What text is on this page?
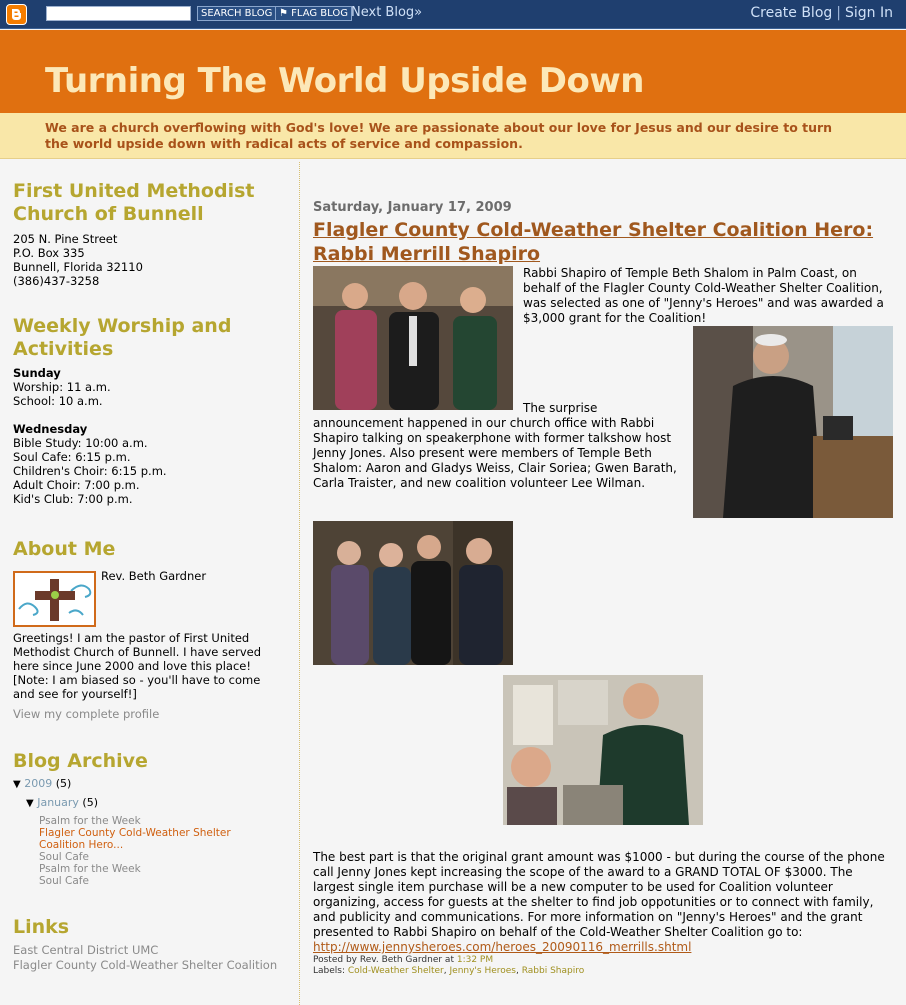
SEARCH BLOG ⚑ FLAG BLOG Next Blog»	Create Blog | Sign In
Turning The World Upside Down

We are a church overflowing with God's love! We are passionate about our love for Jesus and our desire to turn the world upside down with radical acts of service and compassion.

First United Methodist Church of Bunnell
205 N. Pine Street
P.O. Box 335
Bunnell, Florida 32110
(386)437-3258
Weekly Worship and Activities
Sunday
Worship: 11 a.m.
School: 10 a.m.
Wednesday
Bible Study: 10:00 a.m.
Soul Cafe: 6:15 p.m.
Children's Choir: 6:15 p.m.
Adult Choir: 7:00 p.m.
Kid's Club: 7:00 p.m.
About Me
Rev. Beth Gardner
Greetings! I am the pastor of First United Methodist Church of Bunnell. I have served here since June 2000 and love this place! [Note: I am biased so - you'll have to come and see for yourself!]
View my complete profile
Blog Archive
▼ 2009 (5)
▼ January (5)
Psalm for the Week
Flagler County Cold-Weather Shelter Coalition Hero...
Soul Cafe
Psalm for the Week
Soul Cafe
Links
East Central District UMC
Flagler County Cold-Weather Shelter Coalition
Saturday, January 17, 2009
Flagler County Cold-Weather Shelter Coalition Hero: Rabbi Merrill Shapiro
Rabbi Shapiro of Temple Beth Shalom in Palm Coast, on behalf of the Flagler County Cold-Weather Shelter Coalition, was selected as one of "Jenny's Heroes" and was awarded a $3,000 grant for the Coalition!
The surprise announcement happened in our church office with Rabbi Shapiro talking on speakerphone with former talkshow host Jenny Jones. Also present were members of Temple Beth Shalom: Aaron and Gladys Weiss, Clair Soriea; Gwen Barath, Carla Traister, and new coalition volunteer Lee Wilman.
The best part is that the original grant amount was $1000 - but during the course of the phone call Jenny Jones kept increasing the scope of the award to a GRAND TOTAL OF $3000. The largest single item purchase will be a new computer to be used for Coalition volunteer organizing, access for guests at the shelter to find job oppotunities or to connect with family, and publicity and communications. For more information on "Jenny's Heroes" and the grant presented to Rabbi Shapiro on behalf of the Cold-Weather Shelter Coalition go to:
http://www.jennysheroes.com/heroes_20090116_merrills.shtml
Posted by Rev. Beth Gardner at 1:32 PM
Labels: Cold-Weather Shelter, Jenny's Heroes, Rabbi Shapiro
